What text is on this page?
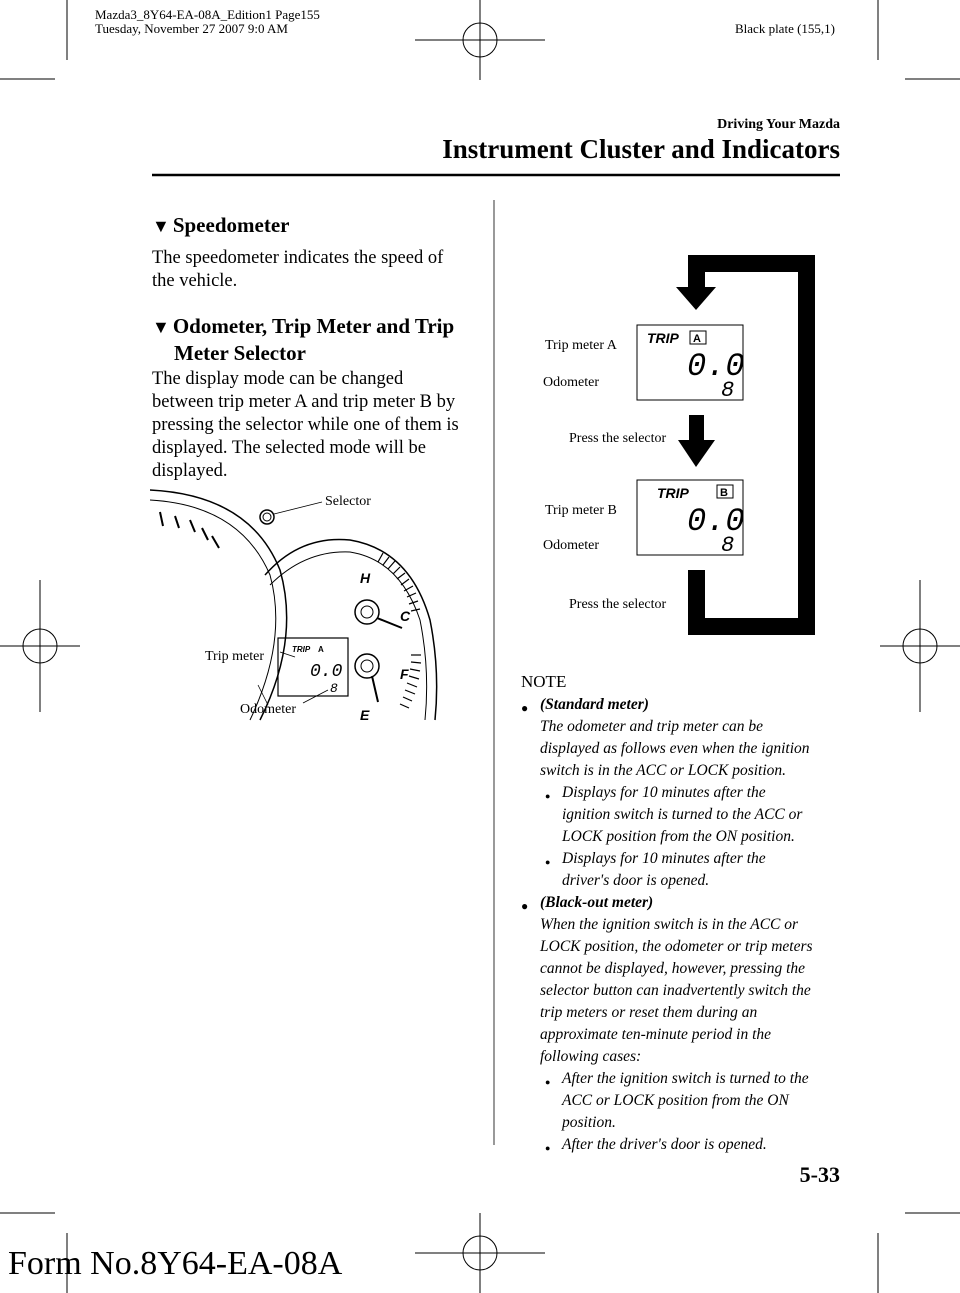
Mazda3_8Y64-EA-08A_Edition1 Page155
Tuesday, November 27 2007 9:0 AM	Black plate (155,1)
Driving Your Mazda
Instrument Cluster and Indicators
▼ Speedometer
The speedometer indicates the speed of
the vehicle.
▼ Odometer, Trip Meter and Trip
Meter Selector
The display mode can be changed
between trip meter A and trip meter B by
pressing the selector while one of them is
displayed. The selected mode will be
displayed.
TRIP A
0.0
8
H
C
F
E
Selector
Trip meter
Odometer
TRIP A
0.0
8
TRIP	B
0.0
8
Trip meter A
Odometer
Press the selector
Trip meter B
Odometer
Press the selector
NOTE
● (Standard meter)
The odometer and trip meter can be
displayed as follows even when the ignition
switch is in the ACC or LOCK position.
● Displays for 10 minutes after the
ignition switch is turned to the ACC or
LOCK position from the ON position.
● Displays for 10 minutes after the
driver's door is opened.
● (Black-out meter)
When the ignition switch is in the ACC or
LOCK position, the odometer or trip meters
cannot be displayed, however, pressing the
selector button can inadvertently switch the
trip meters or reset them during an
approximate ten-minute period in the
following cases:
● After the ignition switch is turned to the
ACC or LOCK position from the ON
position.
● After the driver's door is opened.
5-33
Form No.8Y64-EA-08A	carmanualsonline.info
